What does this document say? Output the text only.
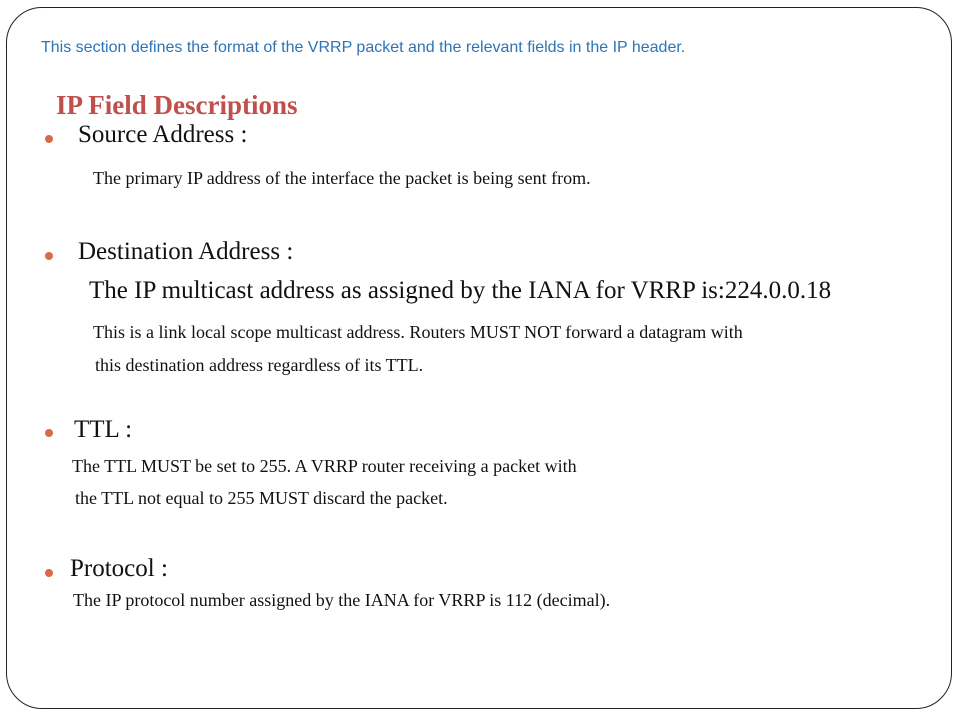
This section defines the format of the VRRP packet and the relevant fields in the IP header.
IP Field Descriptions
Source Address :
The primary IP address of the interface the packet is being sent from.
Destination Address :
The IP multicast address as assigned by the IANA for VRRP is:224.0.0.18
This is a link local scope multicast address. Routers MUST NOT forward a datagram with
this destination address regardless of its TTL.
TTL :
The TTL MUST be set to 255. A VRRP router receiving a packet with
the TTL not equal to 255 MUST discard the packet.
Protocol :
The IP protocol number assigned by the IANA for VRRP is 112 (decimal).
